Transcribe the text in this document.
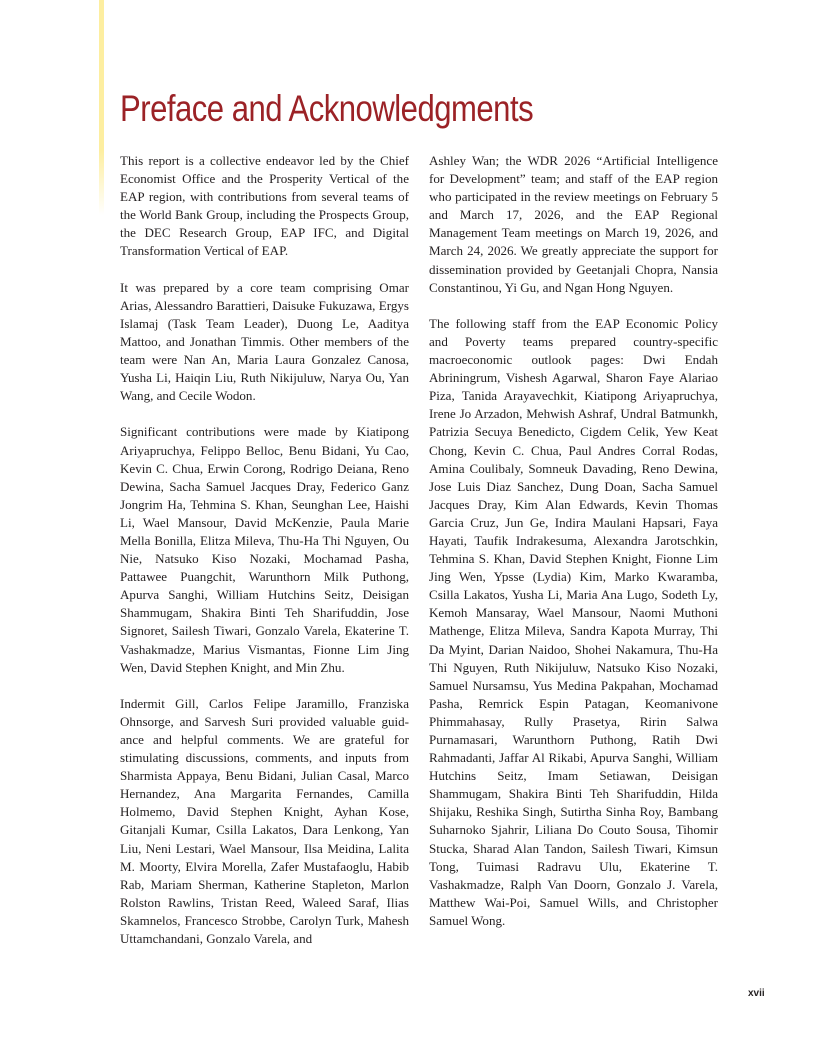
Preface and Acknowledgments

This report is a collective endeavor led by the Chief Economist Office and the Prosperity Vertical of the EAP region, with contributions from several teams of the World Bank Group, including the Prospects Group, the DEC Research Group, EAP IFC, and Digital Transformation Vertical of EAP.

It was prepared by a core team comprising Omar Arias, Alessandro Barattieri, Daisuke Fukuzawa, Ergys Islamaj (Task Team Leader), Duong Le, Aaditya Mattoo, and Jonathan Timmis. Other members of the team were Nan An, Maria Laura Gonzalez Canosa, Yusha Li, Haiqin Liu, Ruth Nikijuluw, Narya Ou, Yan Wang, and Cecile Wodon.

Significant contributions were made by Kiatipong Ariyapruchya, Felippo Belloc, Benu Bidani, Yu Cao, Kevin C. Chua, Erwin Corong, Rodrigo Deiana, Reno Dewina, Sacha Samuel Jacques Dray, Federico Ganz Jongrim Ha, Tehmina S. Khan, Seunghan Lee, Haishi Li, Wael Mansour, David McKenzie, Paula Marie Mella Bonilla, Elitza Mileva, Thu-Ha Thi Nguyen, Ou Nie, Natsuko Kiso Nozaki, Mochamad Pasha, Pattawee Puangchit, Warunthorn Milk Puthong, Apurva Sanghi, William Hutchins Seitz, Deisigan Shammugam, Shakira Binti Teh Sharifuddin, Jose Signoret, Sailesh Tiwari, Gonzalo Varela, Ekaterine T. Vashakmadze, Marius Vismantas, Fionne Lim Jing Wen, David Stephen Knight, and Min Zhu.

Indermit Gill, Carlos Felipe Jaramillo, Franziska Ohnsorge, and Sarvesh Suri provided valuable guidance and helpful comments. We are grateful for stimulating discussions, comments, and inputs from Sharmista Appaya, Benu Bidani, Julian Casal, Marco Hernandez, Ana Margarita Fernandes, Camilla Holmemo, David Stephen Knight, Ayhan Kose, Gitanjali Kumar, Csilla Lakatos, Dara Lenkong, Yan Liu, Neni Lestari, Wael Mansour, Ilsa Meidina, Lalita M. Moorty, Elvira Morella, Zafer Mustafaoglu, Habib Rab, Mariam Sherman, Katherine Stapleton, Marlon Rolston Rawlins, Tristan Reed, Waleed Saraf, Ilias Skamnelos, Francesco Strobbe, Carolyn Turk, Mahesh Uttamchandani, Gonzalo Varela, and

Ashley Wan; the WDR 2026 “Artificial Intelligence for Development” team; and staff of the EAP region who participated in the review meetings on February 5 and March 17, 2026, and the EAP Regional Management Team meetings on March 19, 2026, and March 24, 2026. We greatly appreciate the support for dissemination provided by Geetanjali Chopra, Nansia Constantinou, Yi Gu, and Ngan Hong Nguyen.

The following staff from the EAP Economic Policy and Poverty teams prepared country-specific macroeconomic outlook pages: Dwi Endah Abriningrum, Vishesh Agarwal, Sharon Faye Alariao Piza, Tanida Arayavechkit, Kiatipong Ariyapruchya, Irene Jo Arzadon, Mehwish Ashraf, Undral Batmunkh, Patrizia Secuya Benedicto, Cigdem Celik, Yew Keat Chong, Kevin C. Chua, Paul Andres Corral Rodas, Amina Coulibaly, Somneuk Davading, Reno Dewina, Jose Luis Diaz Sanchez, Dung Doan, Sacha Samuel Jacques Dray, Kim Alan Edwards, Kevin Thomas Garcia Cruz, Jun Ge, Indira Maulani Hapsari, Faya Hayati, Taufik Indrakesuma, Alexandra Jarotschkin, Tehmina S. Khan, David Stephen Knight, Fionne Lim Jing Wen, Ypsse (Lydia) Kim, Marko Kwaramba, Csilla Lakatos, Yusha Li, Maria Ana Lugo, Sodeth Ly, Kemoh Mansaray, Wael Mansour, Naomi Muthoni Mathenge, Elitza Mileva, Sandra Kapota Murray, Thi Da Myint, Darian Naidoo, Shohei Nakamura, Thu-Ha Thi Nguyen, Ruth Nikijuluw, Natsuko Kiso Nozaki, Samuel Nursamsu, Yus Medina Pakpahan, Mochamad Pasha, Remrick Espin Patagan, Keomanivone Phimmahasay, Rully Prasetya, Ririn Salwa Purnamasari, Warunthorn Puthong, Ratih Dwi Rahmadanti, Jaffar Al Rikabi, Apurva Sanghi, William Hutchins Seitz, Imam Setiawan, Deisigan Shammugam, Shakira Binti Teh Sharifuddin, Hilda Shijaku, Reshika Singh, Sutirtha Sinha Roy, Bambang Suharnoko Sjahrir, Liliana Do Couto Sousa, Tihomir Stucka, Sharad Alan Tandon, Sailesh Tiwari, Kimsun Tong, Tuimasi Radravu Ulu, Ekaterine T. Vashakmadze, Ralph Van Doorn, Gonzalo J. Varela, Matthew Wai-Poi, Samuel Wills, and Christopher Samuel Wong.

xvii
